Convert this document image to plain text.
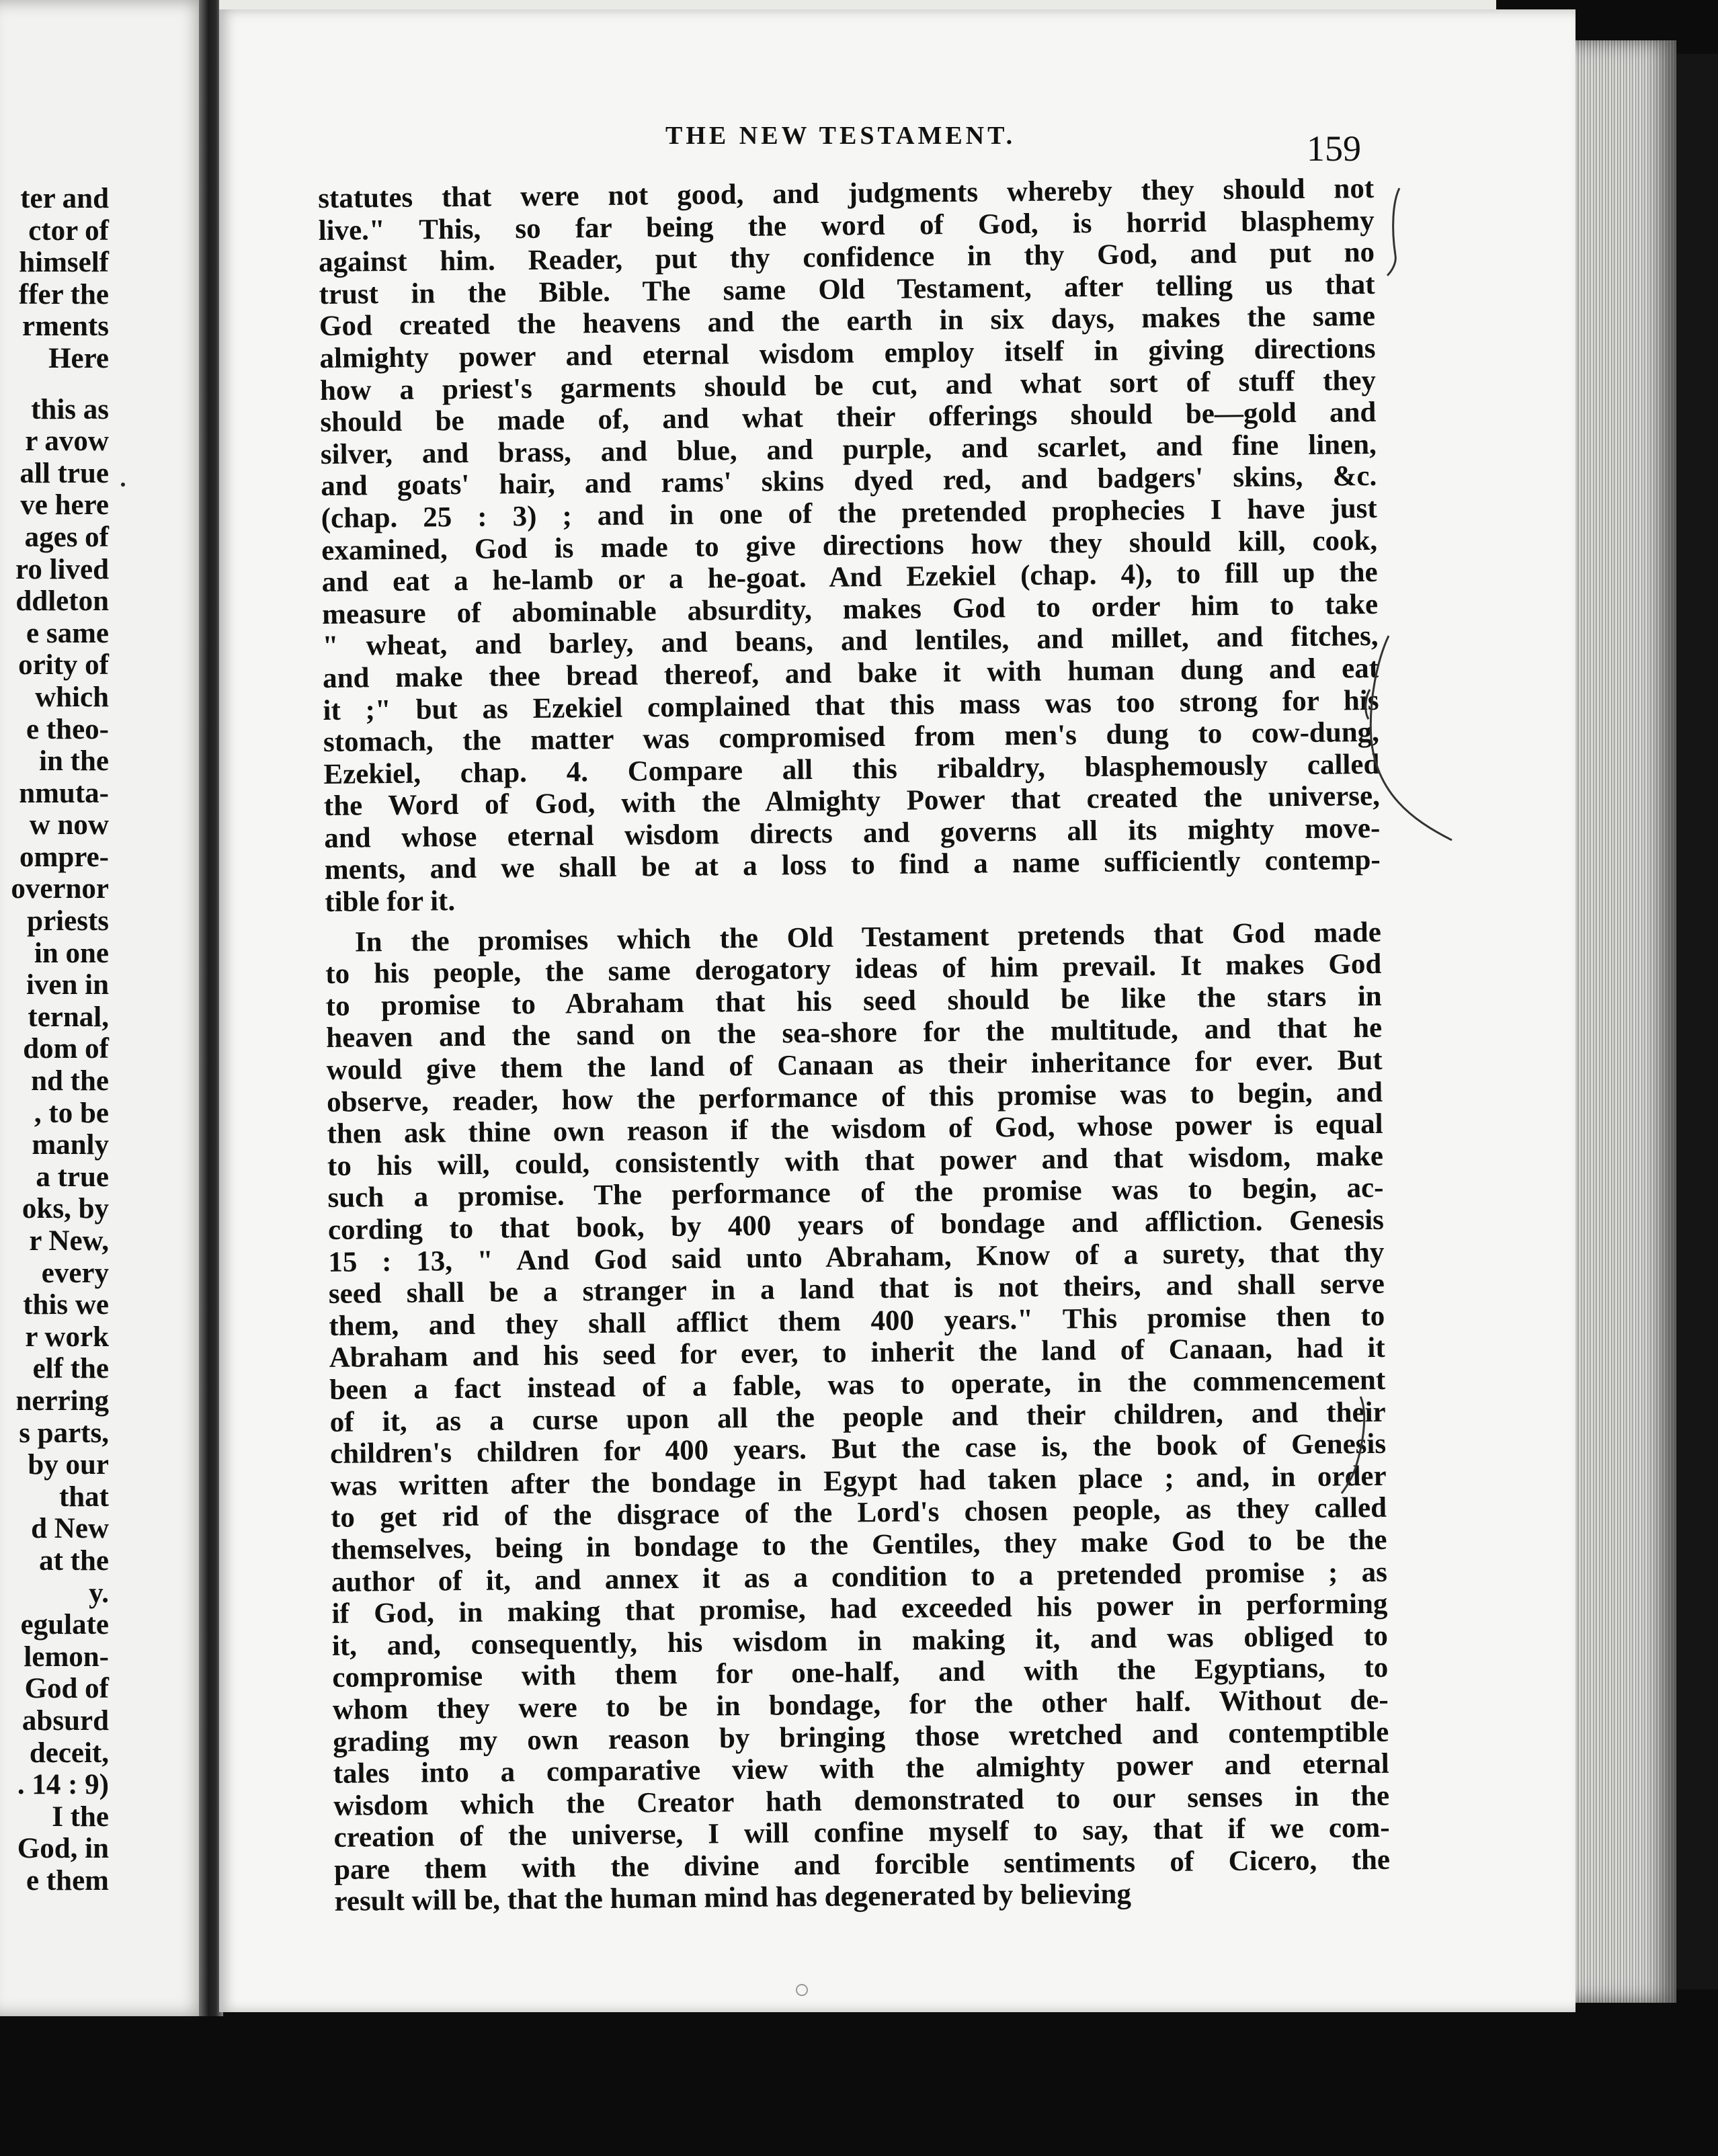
ter and
ctor of
himself
ffer the
rments
Here
this as
r avow
all true
ve here
ages of
ro lived
ddleton
e same
ority of
which
e theo-
in the
nmuta-
w now
ompre-
overnor
priests
in one
iven in
ternal,
dom of
nd the
, to be
manly
a true
oks, by
r New,
every
this we
r work
elf the
nerring
s parts,
by our
that
d New
at the
y.
egulate
lemon-
God of
absurd
deceit,
. 14 : 9)
I the
God, in
e them
THE NEW TESTAMENT.	159
statutes that were not good, and judgments whereby they should not
live." This, so far being the word of God, is horrid blasphemy
against him. Reader, put thy confidence in thy God, and put no
trust in the Bible. The same Old Testament, after telling us that
God created the heavens and the earth in six days, makes the same
almighty power and eternal wisdom employ itself in giving directions
how a priest's garments should be cut, and what sort of stuff they
should be made of, and what their offerings should be—gold and
silver, and brass, and blue, and purple, and scarlet, and fine linen,
and goats' hair, and rams' skins dyed red, and badgers' skins, &c.
(chap. 25 : 3) ; and in one of the pretended prophecies I have just
examined, God is made to give directions how they should kill, cook,
and eat a he-lamb or a he-goat. And Ezekiel (chap. 4), to fill up the
measure of abominable absurdity, makes God to order him to take
" wheat, and barley, and beans, and lentiles, and millet, and fitches,
and make thee bread thereof, and bake it with human dung and eat
it ;" but as Ezekiel complained that this mass was too strong for his
stomach, the matter was compromised from men's dung to cow-dung,
Ezekiel, chap. 4. Compare all this ribaldry, blasphemously called
the Word of God, with the Almighty Power that created the universe,
and whose eternal wisdom directs and governs all its mighty move-
ments, and we shall be at a loss to find a name sufficiently contemp-
tible for it.
In the promises which the Old Testament pretends that God made
to his people, the same derogatory ideas of him prevail. It makes God
to promise to Abraham that his seed should be like the stars in
heaven and the sand on the sea-shore for the multitude, and that he
would give them the land of Canaan as their inheritance for ever. But
observe, reader, how the performance of this promise was to begin, and
then ask thine own reason if the wisdom of God, whose power is equal
to his will, could, consistently with that power and that wisdom, make
such a promise. The performance of the promise was to begin, ac-
cording to that book, by 400 years of bondage and affliction. Genesis
15 : 13, " And God said unto Abraham, Know of a surety, that thy
seed shall be a stranger in a land that is not theirs, and shall serve
them, and they shall afflict them 400 years." This promise then to
Abraham and his seed for ever, to inherit the land of Canaan, had it
been a fact instead of a fable, was to operate, in the commencement
of it, as a curse upon all the people and their children, and their
children's children for 400 years. But the case is, the book of Genesis
was written after the bondage in Egypt had taken place ; and, in order
to get rid of the disgrace of the Lord's chosen people, as they called
themselves, being in bondage to the Gentiles, they make God to be the
author of it, and annex it as a condition to a pretended promise ; as
if God, in making that promise, had exceeded his power in performing
it, and, consequently, his wisdom in making it, and was obliged to
compromise with them for one-half, and with the Egyptians, to
whom they were to be in bondage, for the other half. Without de-
grading my own reason by bringing those wretched and contemptible
tales into a comparative view with the almighty power and eternal
wisdom which the Creator hath demonstrated to our senses in the
creation of the universe, I will confine myself to say, that if we com-
pare them with the divine and forcible sentiments of Cicero, the
result will be, that the human mind has degenerated by believing
